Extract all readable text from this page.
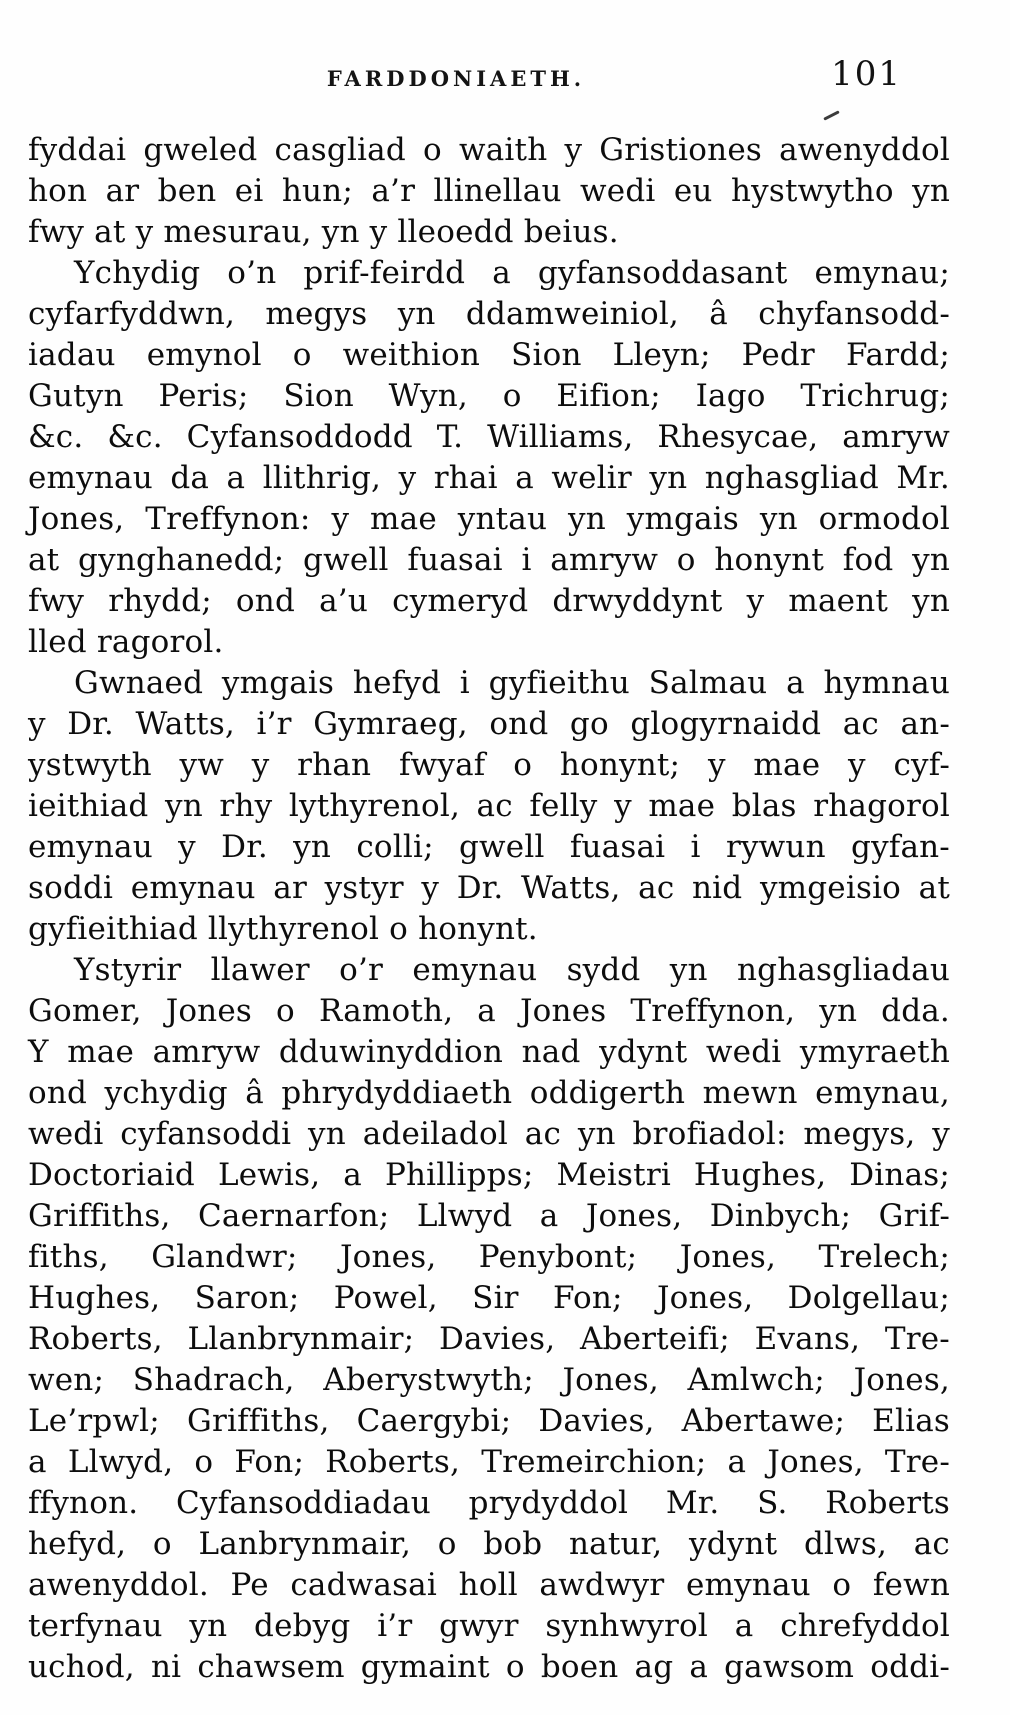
FARDDONIAETH.	101

fyddai gweled casgliad o waith y Gristiones awenyddol
hon ar ben ei hun; a’r llinellau wedi eu hystwytho yn
fwy at y mesurau, yn y lleoedd beius.

Ychydig o’n prif-feirdd a gyfansoddasant emynau;
cyfarfyddwn, megys yn ddamweiniol, â chyfansodd-
iadau emynol o weithion Sion Lleyn; Pedr Fardd;
Gutyn Peris; Sion Wyn, o Eifion; Iago Trichrug;
&c. &c. Cyfansoddodd T. Williams, Rhesycae, amryw
emynau da a llithrig, y rhai a welir yn nghasgliad Mr.
Jones, Treffynon: y mae yntau yn ymgais yn ormodol
at gynghanedd; gwell fuasai i amryw o honynt fod yn
fwy rhydd; ond a’u cymeryd drwyddynt y maent yn
lled ragorol.

Gwnaed ymgais hefyd i gyfieithu Salmau a hymnau
y Dr. Watts, i’r Gymraeg, ond go glogyrnaidd ac an-
ystwyth yw y rhan fwyaf o honynt; y mae y cyf-
ieithiad yn rhy lythyrenol, ac felly y mae blas rhagorol
emynau y Dr. yn colli; gwell fuasai i rywun gyfan-
soddi emynau ar ystyr y Dr. Watts, ac nid ymgeisio at
gyfieithiad llythyrenol o honynt.

Ystyrir llawer o’r emynau sydd yn nghasgliadau
Gomer, Jones o Ramoth, a Jones Treffynon, yn dda.
Y mae amryw dduwinyddion nad ydynt wedi ymyraeth
ond ychydig â phrydyddiaeth oddigerth mewn emynau,
wedi cyfansoddi yn adeiladol ac yn brofiadol: megys, y
Doctoriaid Lewis, a Phillipps; Meistri Hughes, Dinas;
Griffiths, Caernarfon; Llwyd a Jones, Dinbych; Grif-
fiths, Glandwr; Jones, Penybont; Jones, Trelech;
Hughes, Saron; Powel, Sir Fon; Jones, Dolgellau;
Roberts, Llanbrynmair; Davies, Aberteifi; Evans, Tre-
wen; Shadrach, Aberystwyth; Jones, Amlwch; Jones,
Le’rpwl; Griffiths, Caergybi; Davies, Abertawe; Elias
a Llwyd, o Fon; Roberts, Tremeirchion; a Jones, Tre-
ffynon. Cyfansoddiadau prydyddol Mr. S. Roberts
hefyd, o Lanbrynmair, o bob natur, ydynt dlws, ac
awenyddol. Pe cadwasai holl awdwyr emynau o fewn
terfynau yn debyg i’r gwyr synhwyrol a chrefyddol
uchod, ni chawsem gymaint o boen ag a gawsom oddi-
